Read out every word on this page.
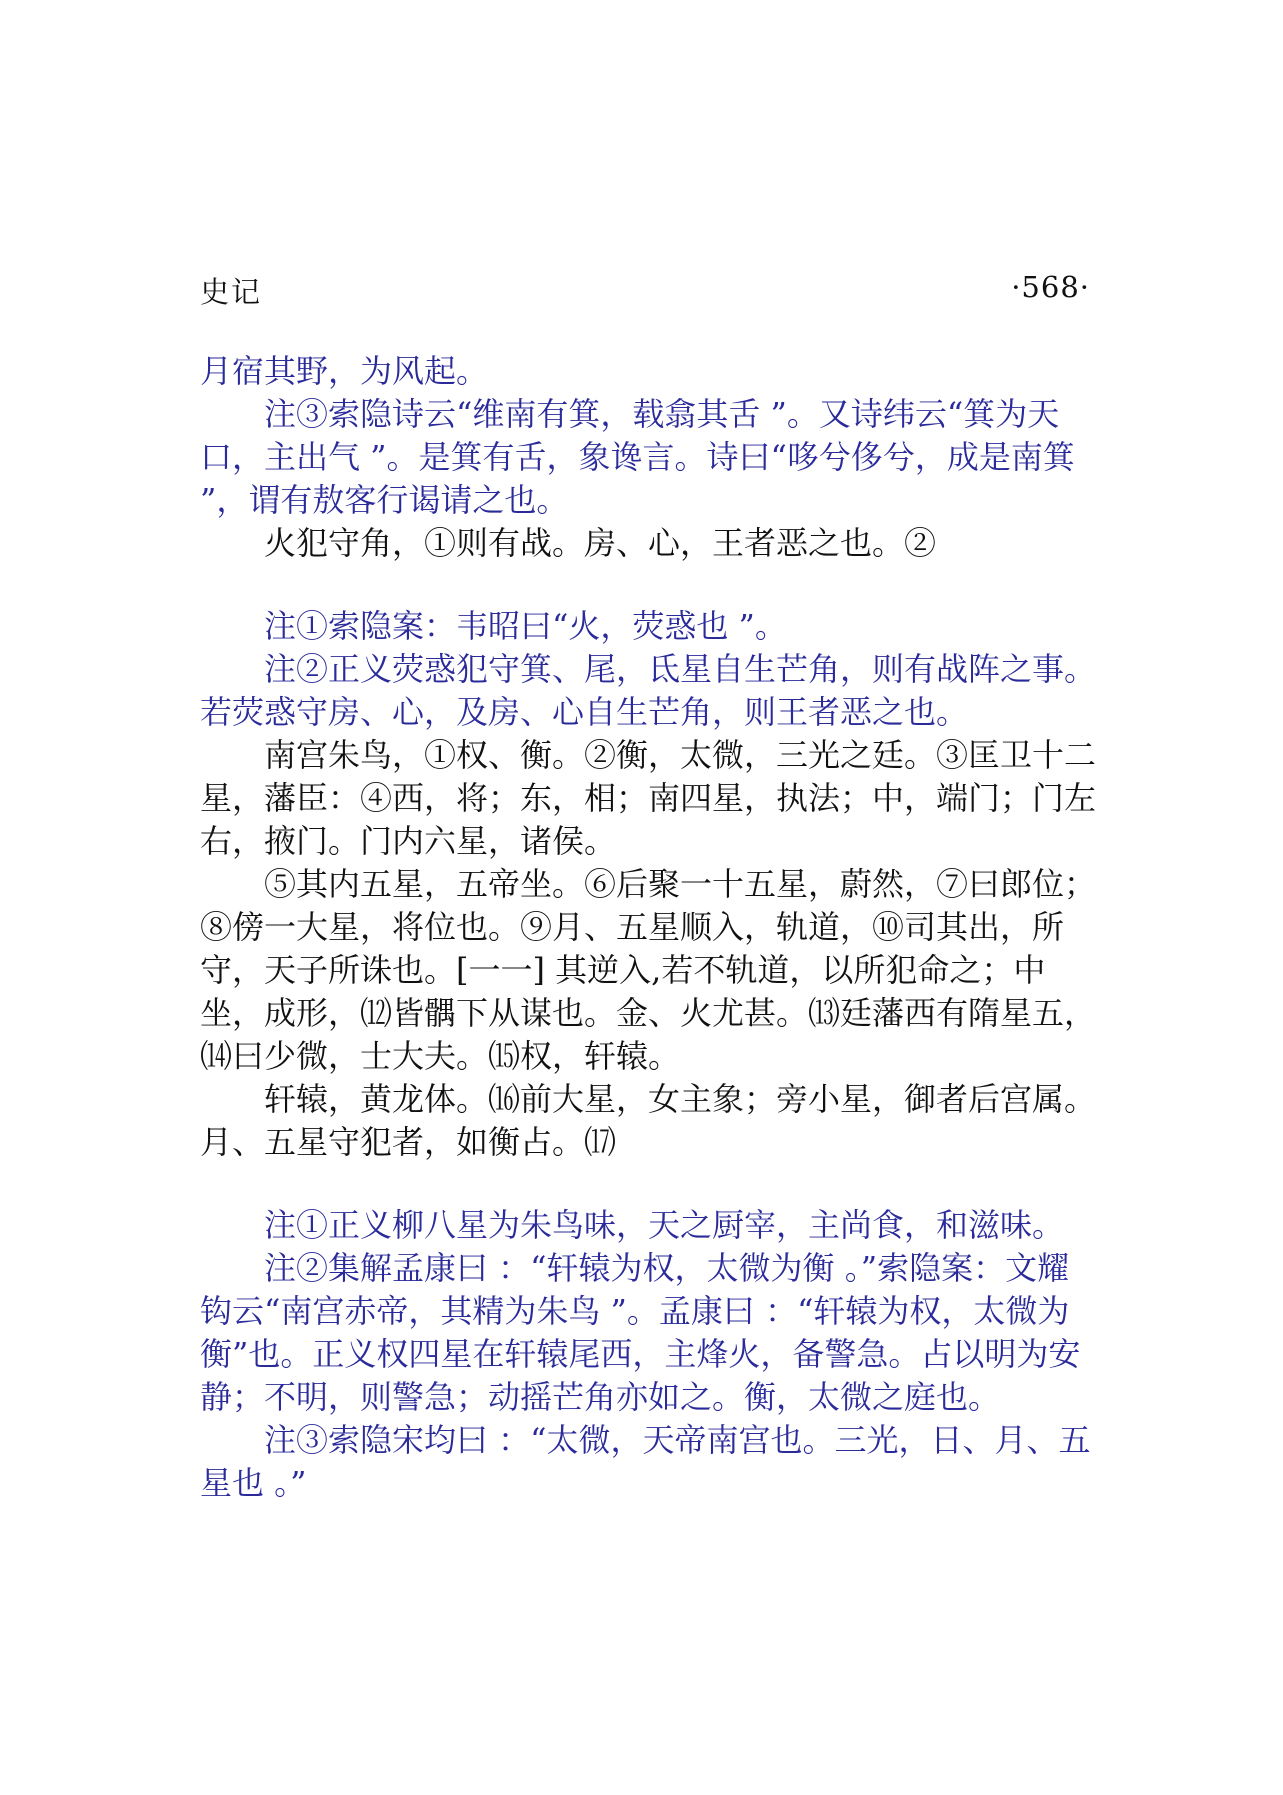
史记	·568·

月宿其野，为风起。

注③索隐诗云“维南有箕，载翕其舌 ”。又诗纬云“箕为天口，主出气 ”。是箕有舌，象谗言。诗曰“哆兮侈兮，成是南箕 ”，谓有敖客行谒请之也。

火犯守角，①则有战。房、心，王者恶之也。②

注①索隐案：韦昭曰“火，荧惑也 ”。

注②正义荧惑犯守箕、尾，氐星自生芒角，则有战阵之事。若荧惑守房、心，及房、心自生芒角，则王者恶之也。

南宫朱鸟，①权、衡。②衡，太微，三光之廷。③匡卫十二星，藩臣：④西，将；东，相；南四星，执法；中，端门；门左右，掖门。门内六星，诸侯。

⑤其内五星，五帝坐。⑥后聚一十五星，蔚然，⑦曰郎位；⑧傍一大星，将位也。⑨月、五星顺入，轨道，⑩司其出，所守，天子所诛也。[一一] 其逆入,若不轨道，以所犯命之；中坐，成形，⑿皆髃下从谋也。金、火尤甚。⒀廷藩西有隋星五，⒁曰少微，士大夫。⒂权，轩辕。

轩辕，黄龙体。⒃前大星，女主象；旁小星，御者后宫属。月、五星守犯者，如衡占。⒄

注①正义柳八星为朱鸟味，天之厨宰，主尚食，和滋味。

注②集解孟康曰 ：“轩辕为权，太微为衡 。”索隐案：文耀钩云“南宫赤帝，其精为朱鸟 ”。孟康曰 ：“轩辕为权，太微为衡”也。正义权四星在轩辕尾西，主烽火，备警急。占以明为安静；不明，则警急；动摇芒角亦如之。衡，太微之庭也。

注③索隐宋均曰 ：“太微，天帝南宫也。三光，日、月、五星也 。”
